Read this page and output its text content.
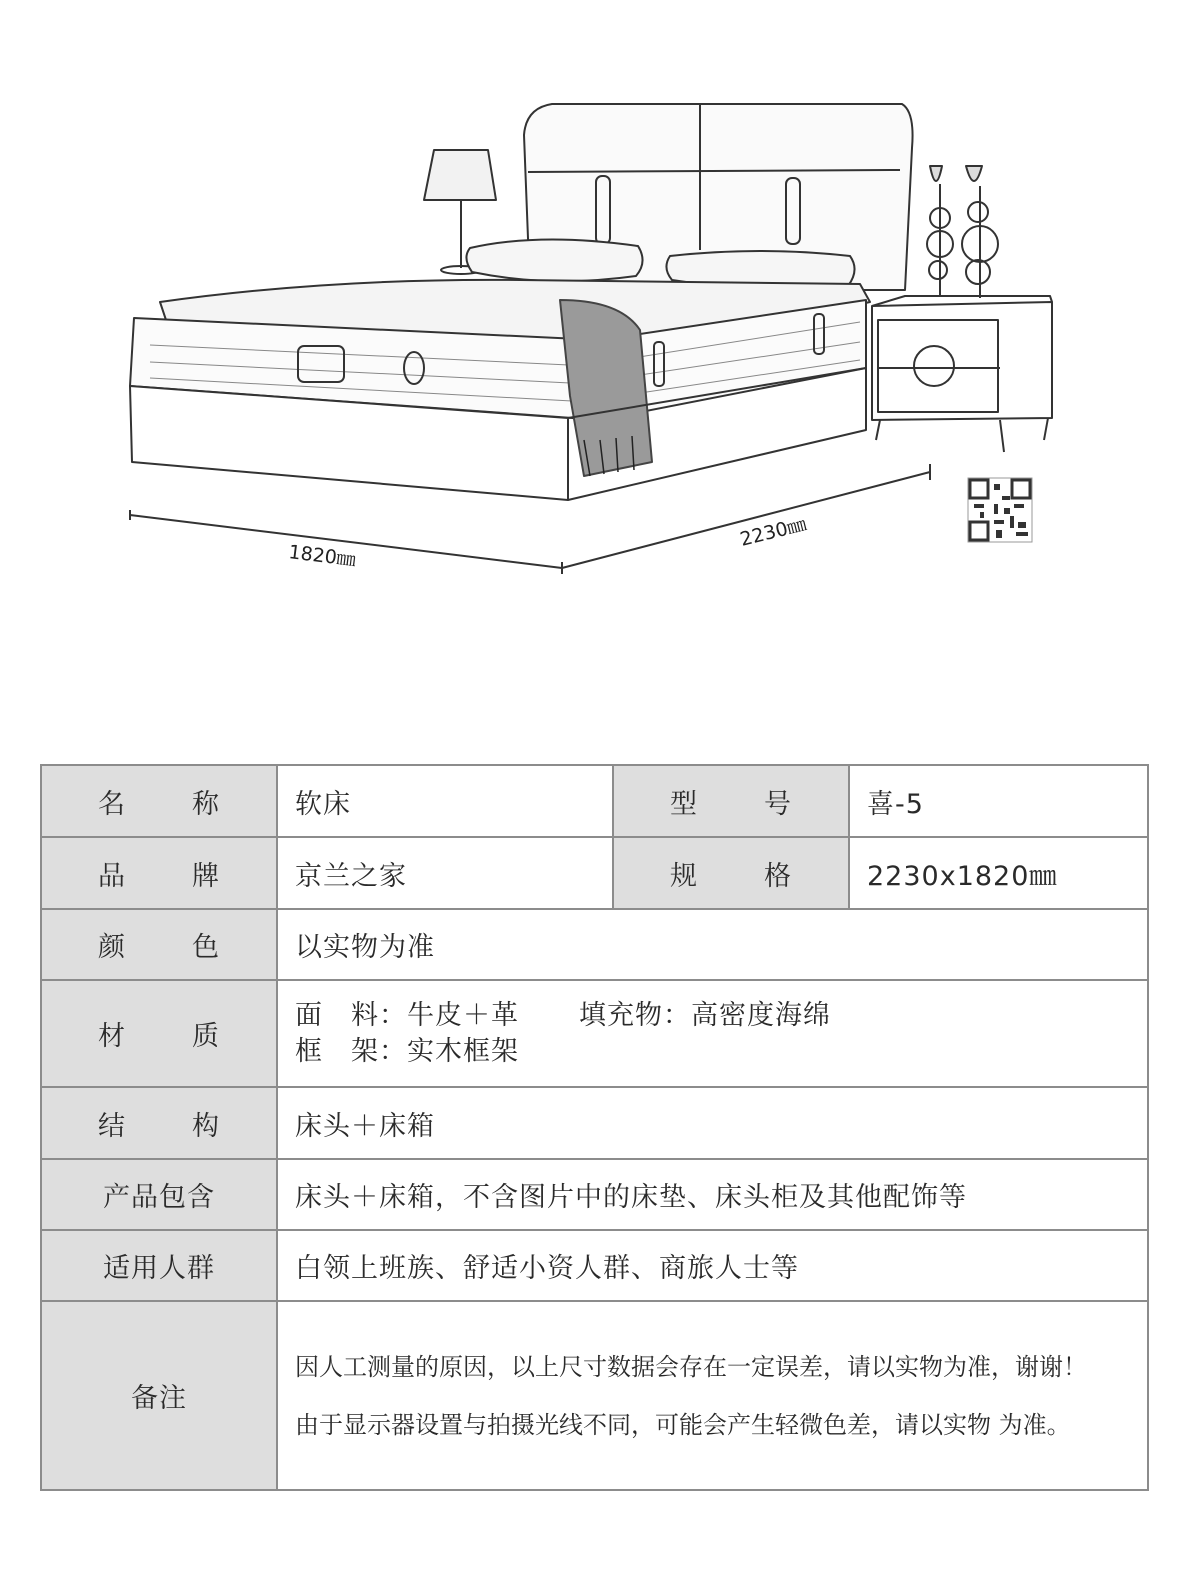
1820㎜
2230㎜
名 称	软床	型 号	喜-5

品 牌	京兰之家	规 格	2230x1820㎜

颜 色	以实物为准		

材 质	面　料：牛皮＋革 填充物：高密度海绵
框　架：实木框架		

结 构	床头＋床箱		
产品包含	床头＋床箱，不含图片中的床垫、床头柜及其他配饰等		
适用人群	白领上班族、舒适小资人群、商旅人士等		
备注	因人工测量的原因，以上尺寸数据会存在一定误差，请以实物为准，谢谢！
由于显示器设置与拍摄光线不同，可能会产生轻微色差，请以实物 为准。		
